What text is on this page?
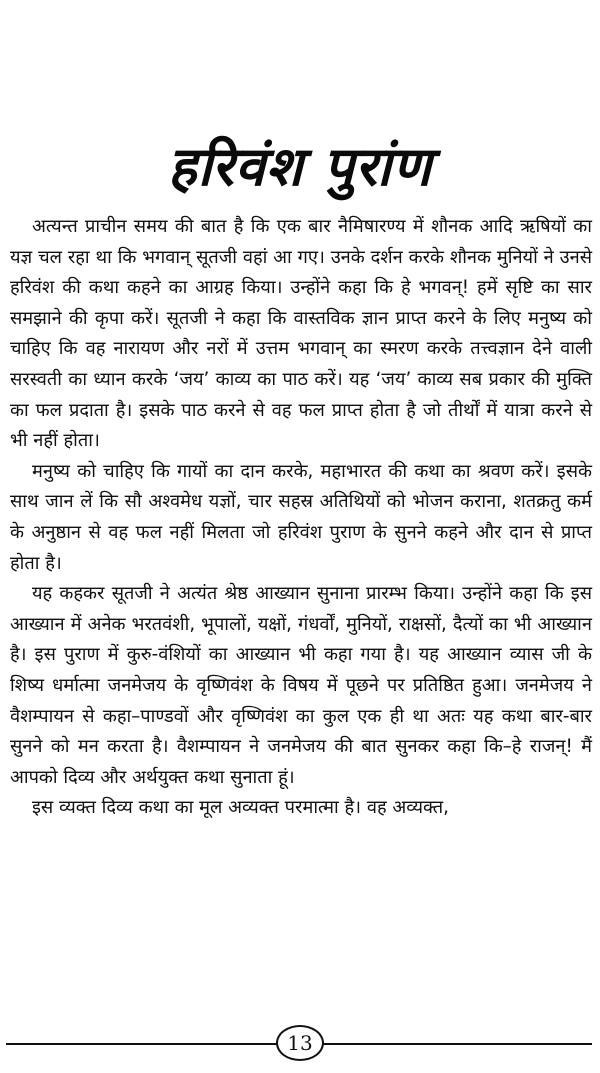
हरिवंश पुरांण

अत्यन्त प्राचीन समय की बात है कि एक बार नैमिषारण्य में शौनक आदि ऋषियों का यज्ञ चल रहा था कि भगवान् सूतजी वहां आ गए। उनके दर्शन करके शौनक मुनियों ने उनसे हरिवंश की कथा कहने का आग्रह किया। उन्होंने कहा कि हे भगवन्! हमें सृष्टि का सार समझाने की कृपा करें। सूतजी ने कहा कि वास्तविक ज्ञान प्राप्त करने के लिए मनुष्य को चाहिए कि वह नारायण और नरों में उत्तम भगवान् का स्मरण करके तत्त्वज्ञान देने वाली सरस्वती का ध्यान करके ‘जय’ काव्य का पाठ करें। यह ‘जय’ काव्य सब प्रकार की मुक्ति का फल प्रदाता है। इसके पाठ करने से वह फल प्राप्त होता है जो तीर्थों में यात्रा करने से भी नहीं होता।

मनुष्य को चाहिए कि गायों का दान करके, महाभारत की कथा का श्रवण करें। इसके साथ जान लें कि सौ अश्वमेध यज्ञों, चार सहस्र अतिथियों को भोजन कराना, शतक्रतु कर्म के अनुष्ठान से वह फल नहीं मिलता जो हरिवंश पुराण के सुनने कहने और दान से प्राप्त होता है।

यह कहकर सूतजी ने अत्यंत श्रेष्ठ आख्यान सुनाना प्रारम्भ किया। उन्होंने कहा कि इस आख्यान में अनेक भरतवंशी, भूपालों, यक्षों, गंधर्वों, मुनियों, राक्षसों, दैत्यों का भी आख्यान है। इस पुराण में कुरु-वंशियों का आख्यान भी कहा गया है। यह आख्यान व्यास जी के शिष्य धर्मात्मा जनमेजय के वृष्णिवंश के विषय में पूछने पर प्रतिष्ठित हुआ। जनमेजय ने वैशम्पायन से कहा–पाण्डवों और वृष्णिवंश का कुल एक ही था अतः यह कथा बार-बार सुनने को मन करता है। वैशम्पायन ने जनमेजय की बात सुनकर कहा कि–हे राजन्! मैं आपको दिव्य और अर्थयुक्त कथा सुनाता हूं।

इस व्यक्त दिव्य कथा का मूल अव्यक्त परमात्मा है। वह अव्यक्त,

13
